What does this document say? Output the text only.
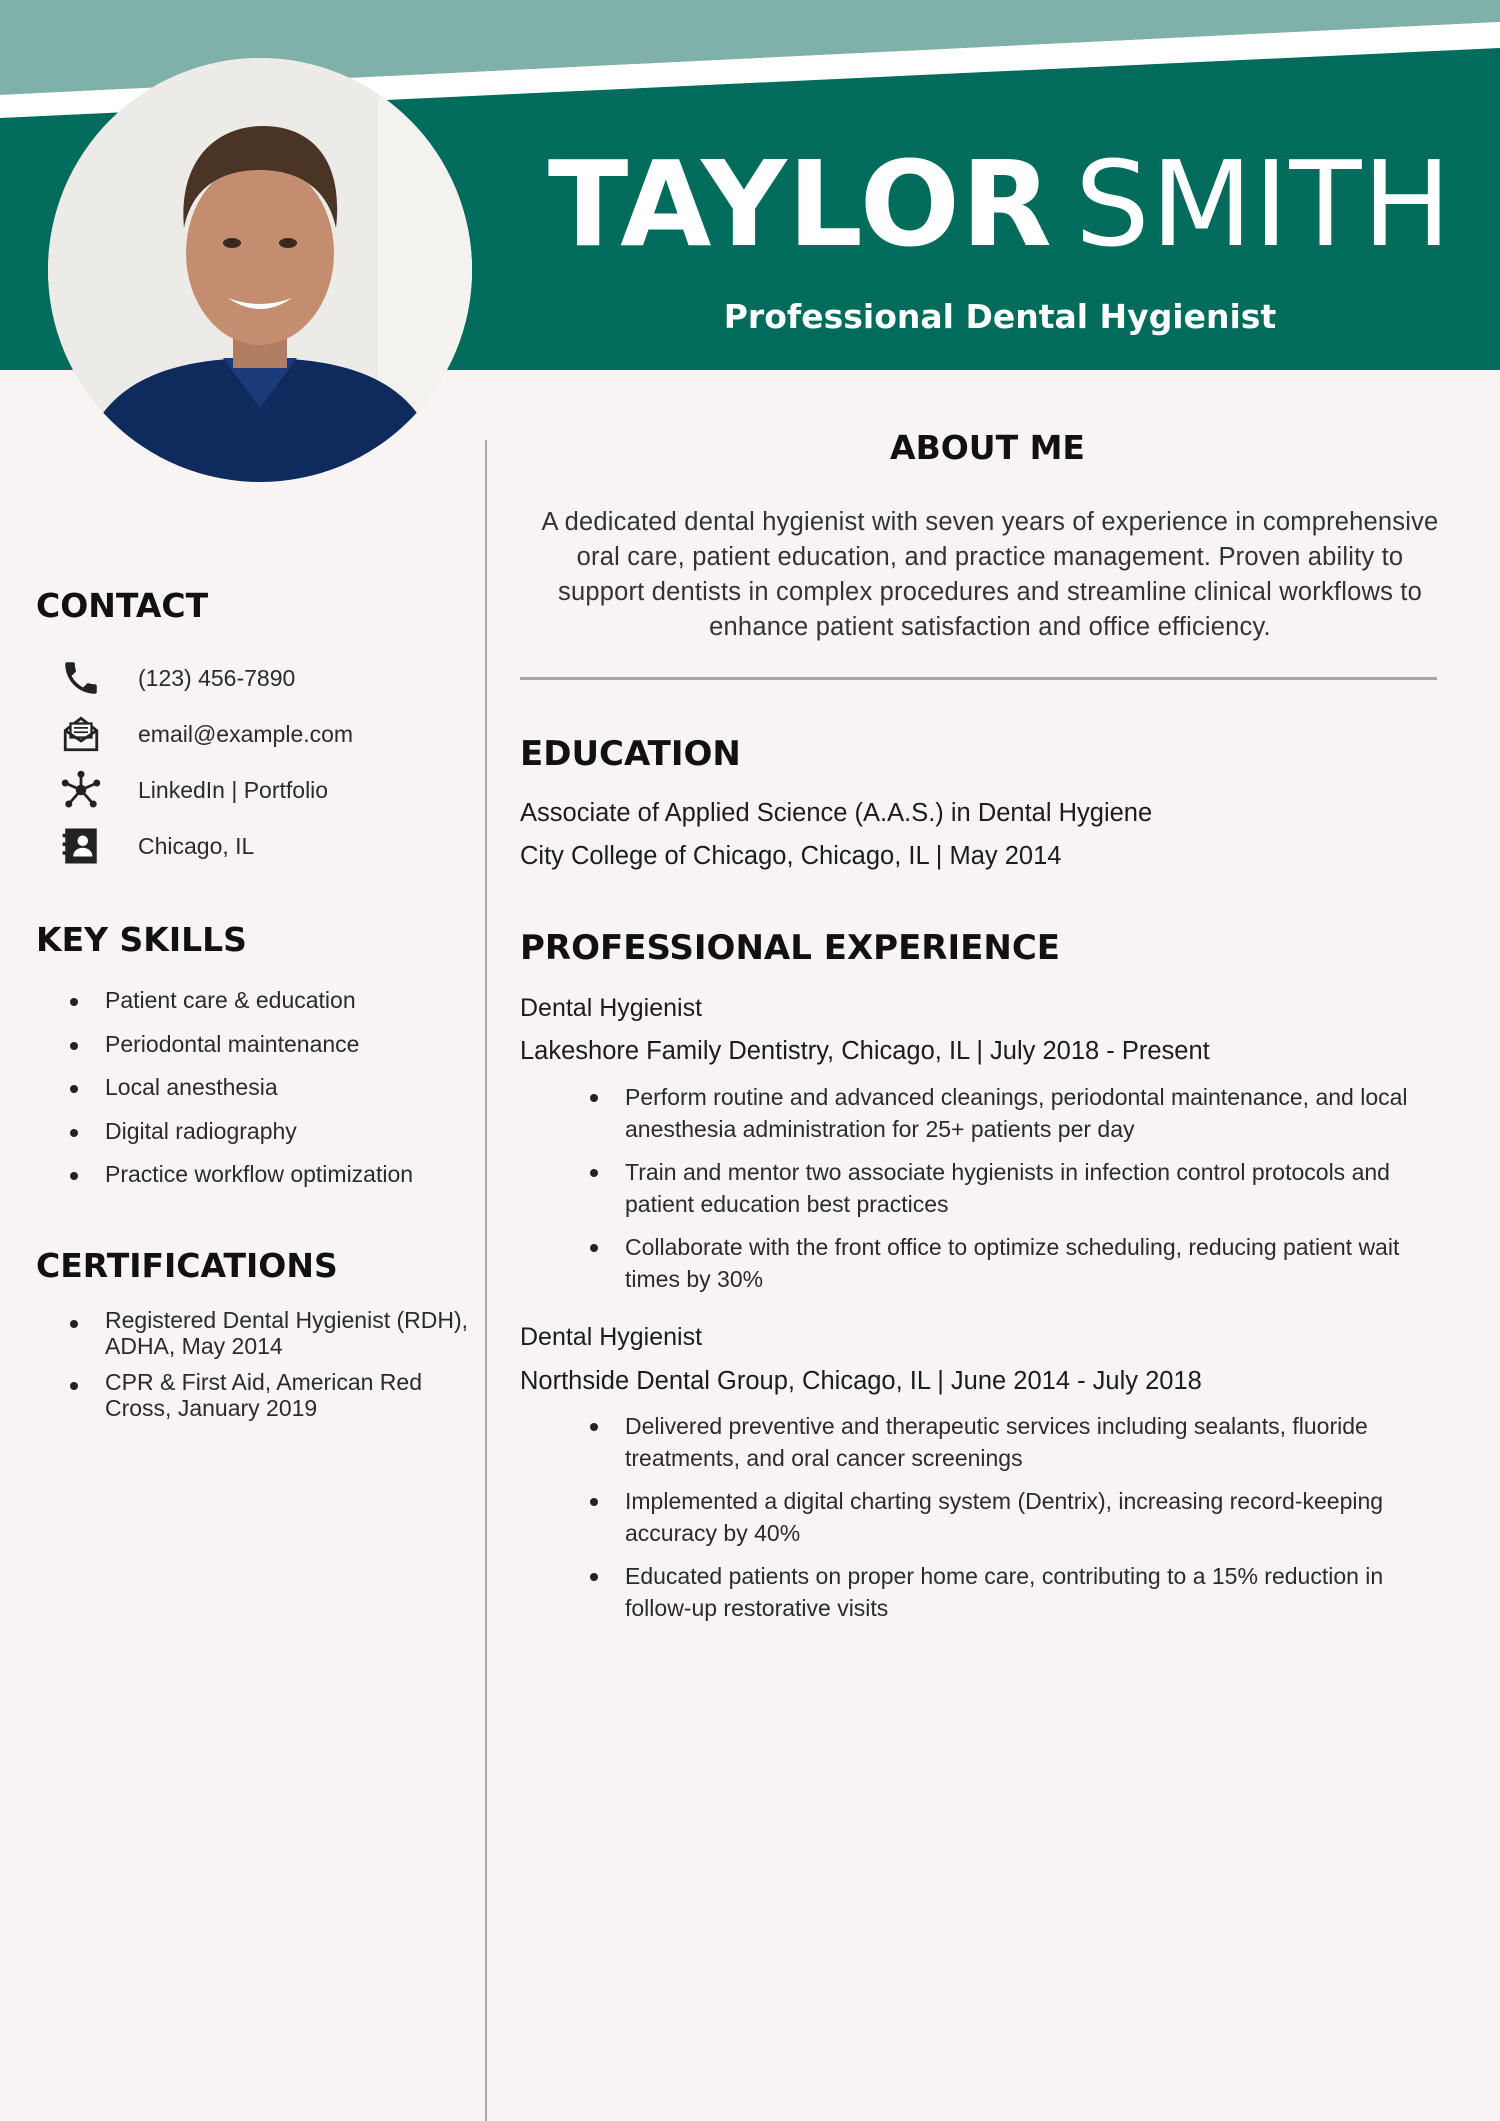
TAYLOR SMITH
Professional Dental Hygienist
CONTACT
(123) 456-7890
email@example.com
LinkedIn | Portfolio
Chicago, IL
KEY SKILLS
Patient care & education
Periodontal maintenance
Local anesthesia
Digital radiography
Practice workflow optimization
CERTIFICATIONS
Registered Dental Hygienist (RDH), ADHA, May 2014
CPR & First Aid, American Red Cross, January 2019
ABOUT ME

A dedicated dental hygienist with seven years of experience in comprehensive oral care, patient education, and practice management. Proven ability to support dentists in complex procedures and streamline clinical workflows to enhance patient satisfaction and office efficiency.

EDUCATION
Associate of Applied Science (A.A.S.) in Dental Hygiene
City College of Chicago, Chicago, IL | May 2014
PROFESSIONAL EXPERIENCE
Dental Hygienist
Lakeshore Family Dentistry, Chicago, IL | July 2018 - Present
Perform routine and advanced cleanings, periodontal maintenance, and local anesthesia administration for 25+ patients per day
Train and mentor two associate hygienists in infection control protocols and patient education best practices
Collaborate with the front office to optimize scheduling, reducing patient wait times by 30%
Dental Hygienist
Northside Dental Group, Chicago, IL | June 2014 - July 2018
Delivered preventive and therapeutic services including sealants, fluoride treatments, and oral cancer screenings
Implemented a digital charting system (Dentrix), increasing record-keeping accuracy by 40%
Educated patients on proper home care, contributing to a 15% reduction in follow-up restorative visits
